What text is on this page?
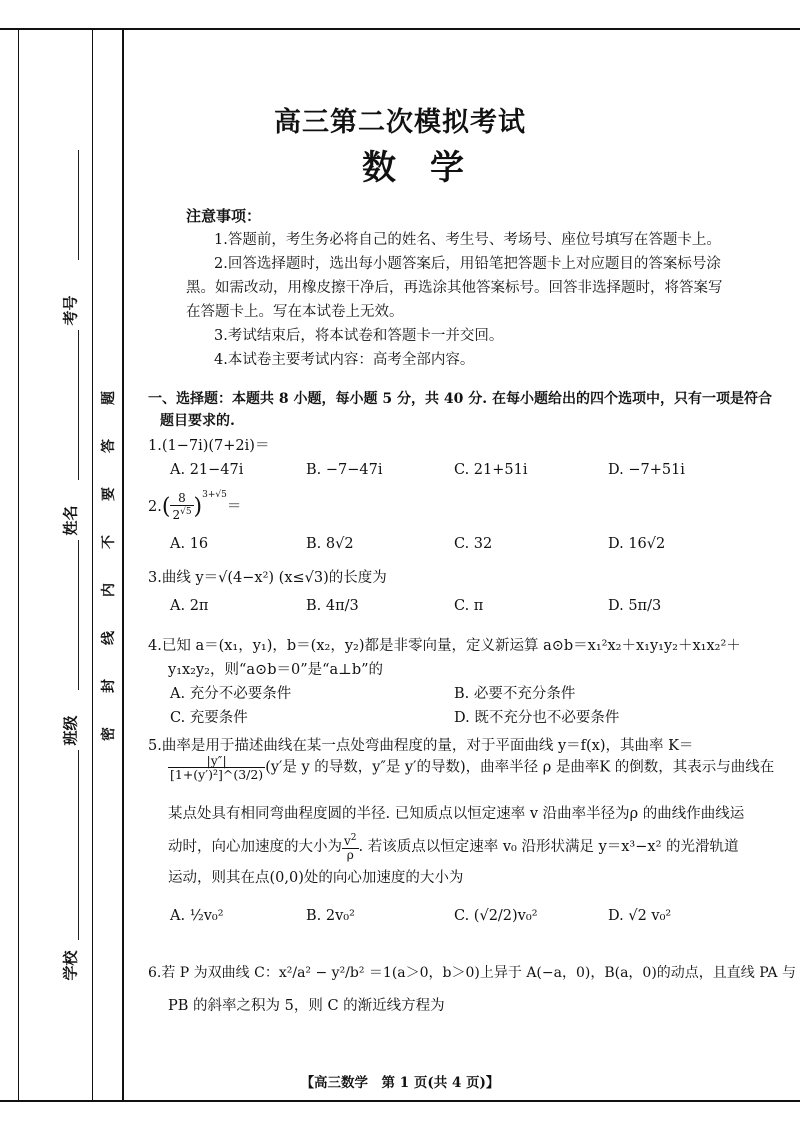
考号
姓名
班级
学校
题
答
要
不
内
线
封
密
高三第二次模拟考试
数学
注意事项：

1.答题前，考生务必将自己的姓名、考生号、考场号、座位号填写在答题卡上。

2.回答选择题时，选出每小题答案后，用铅笔把答题卡上对应题目的答案标号涂黑。如需改动，用橡皮擦干净后，再选涂其他答案标号。回答非选择题时，将答案写在答题卡上。写在本试卷上无效。

3.考试结束后，将本试卷和答题卡一并交回。

4.本试卷主要考试内容：高考全部内容。

一、选择题：本题共 8 小题，每小题 5 分，共 40 分. 在每小题给出的四个选项中，只有一项是符合
题目要求的.
1.(1−7i)(7+2i)＝
A. 21−47i	B. −7−47i	C. 21+51i	D. −7+51i
$2.( \frac{8}{2^{√5}} )^{3+√5}=$
A. 16	B. 8√2	C. 32	D. 16√2
3.曲线 y＝√(4−x²) (x≤√3)的长度为
A. 2π	B. 4π/3	C. π	D. 5π/3
4.已知 a＝(x₁，y₁)，b＝(x₂，y₂)都是非零向量，定义新运算 a⊙b＝x₁²x₂＋x₁y₁y₂＋x₁x₂²＋
y₁x₂y₂，则“a⊙b＝0”是“a⊥b”的
A. 充分不必要条件	B. 必要不充分条件
C. 充要条件	D. 既不充分也不必要条件
5.曲率是用于描述曲线在某一点处弯曲程度的量，对于平面曲线 y＝f(x)，其曲率 K＝
$\frac{|y''|}{\text{[1+(y′)²]\textasciicircum{}(3/2)}} (y'$是 y 的导数，y″是 y′的导数)，曲率半径 ρ 是曲率K 的倒数，其表示与曲线在
某点处具有相同弯曲程度圆的半径. 已知质点以恒定速率 v 沿曲率半径为ρ 的曲线作曲线运
动时，向心加速度的大小为 $\frac{v^2}{\rho}$ . 若该质点以恒定速率 v₀ 沿形状满足 y＝x³−x² 的光滑轨道
运动，则其在点(0,0)处的向心加速度的大小为
A. ½v₀²	B. 2v₀²	C. (√2/2)v₀²	D. √2 v₀²
6.若 P 为双曲线 C：x²/a² − y²/b² ＝1(a＞0，b＞0)上异于 A(−a，0)，B(a，0)的动点，且直线 PA 与
PB 的斜率之积为 5，则 C 的渐近线方程为
【高三数学　第 1 页(共 4 页)】
